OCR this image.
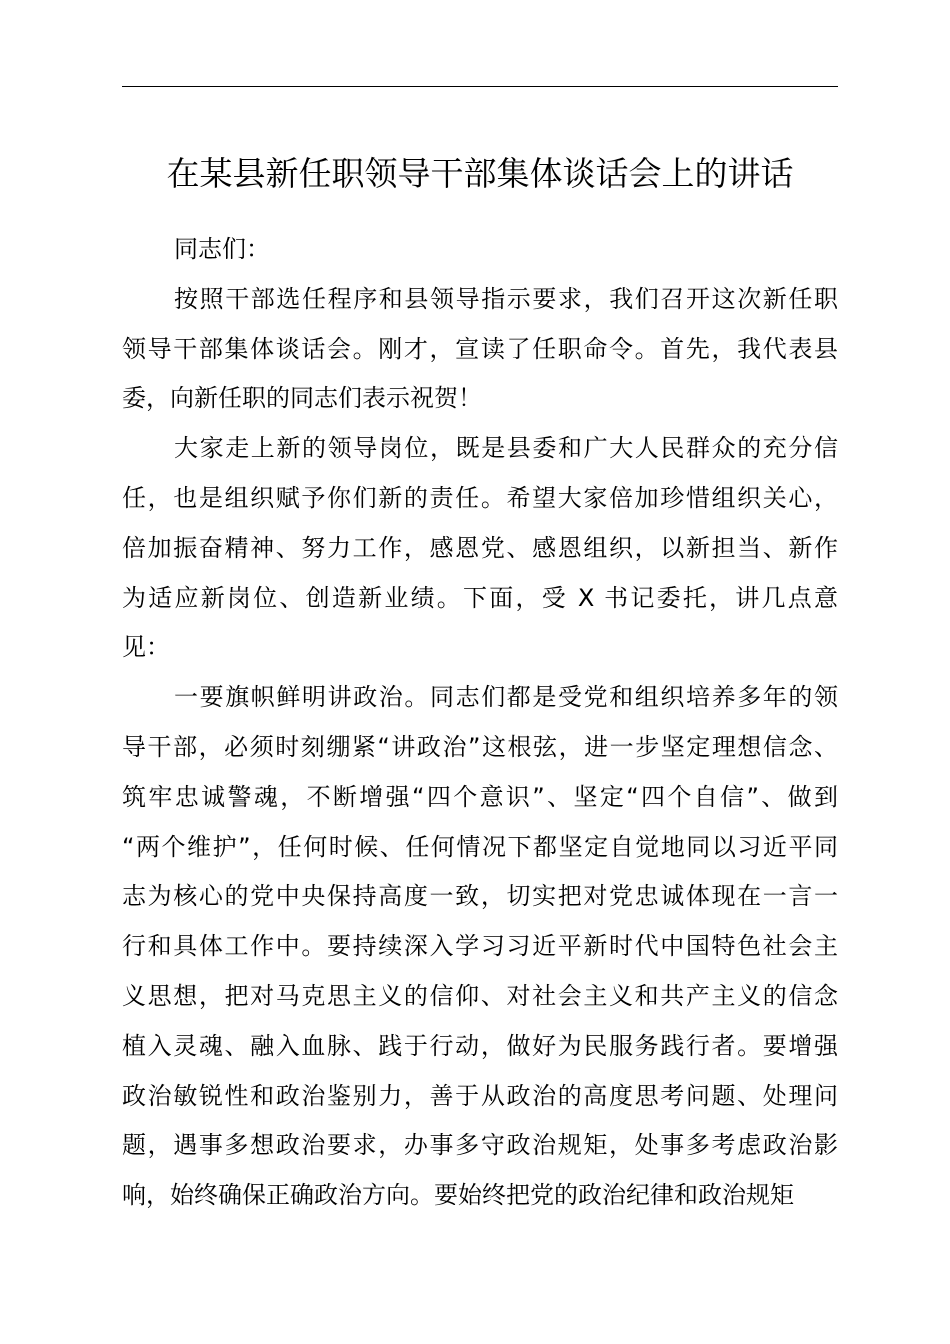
在某县新任职领导干部集体谈话会上的讲话
同志们：
按照干部选任程序和县领导指示要求，我们召开这次新任职
领导干部集体谈话会。刚才，宣读了任职命令。首先，我代表县
委，向新任职的同志们表示祝贺！
大家走上新的领导岗位，既是县委和广大人民群众的充分信
任，也是组织赋予你们新的责任。希望大家倍加珍惜组织关心，
倍加振奋精神、努力工作，感恩党、感恩组织，以新担当、新作
为适应新岗位、创造新业绩。下面，受 X 书记委托，讲几点意
见：
一要旗帜鲜明讲政治。同志们都是受党和组织培养多年的领
导干部，必须时刻绷紧“讲政治”这根弦，进一步坚定理想信念、
筑牢忠诚警魂，不断增强“四个意识”、坚定“四个自信”、做到
“两个维护”，任何时候、任何情况下都坚定自觉地同以习近平同
志为核心的党中央保持高度一致，切实把对党忠诚体现在一言一
行和具体工作中。要持续深入学习习近平新时代中国特色社会主
义思想，把对马克思主义的信仰、对社会主义和共产主义的信念
植入灵魂、融入血脉、践于行动，做好为民服务践行者。要增强
政治敏锐性和政治鉴别力，善于从政治的高度思考问题、处理问
题，遇事多想政治要求，办事多守政治规矩，处事多考虑政治影
响，始终确保正确政治方向。要始终把党的政治纪律和政治规矩
